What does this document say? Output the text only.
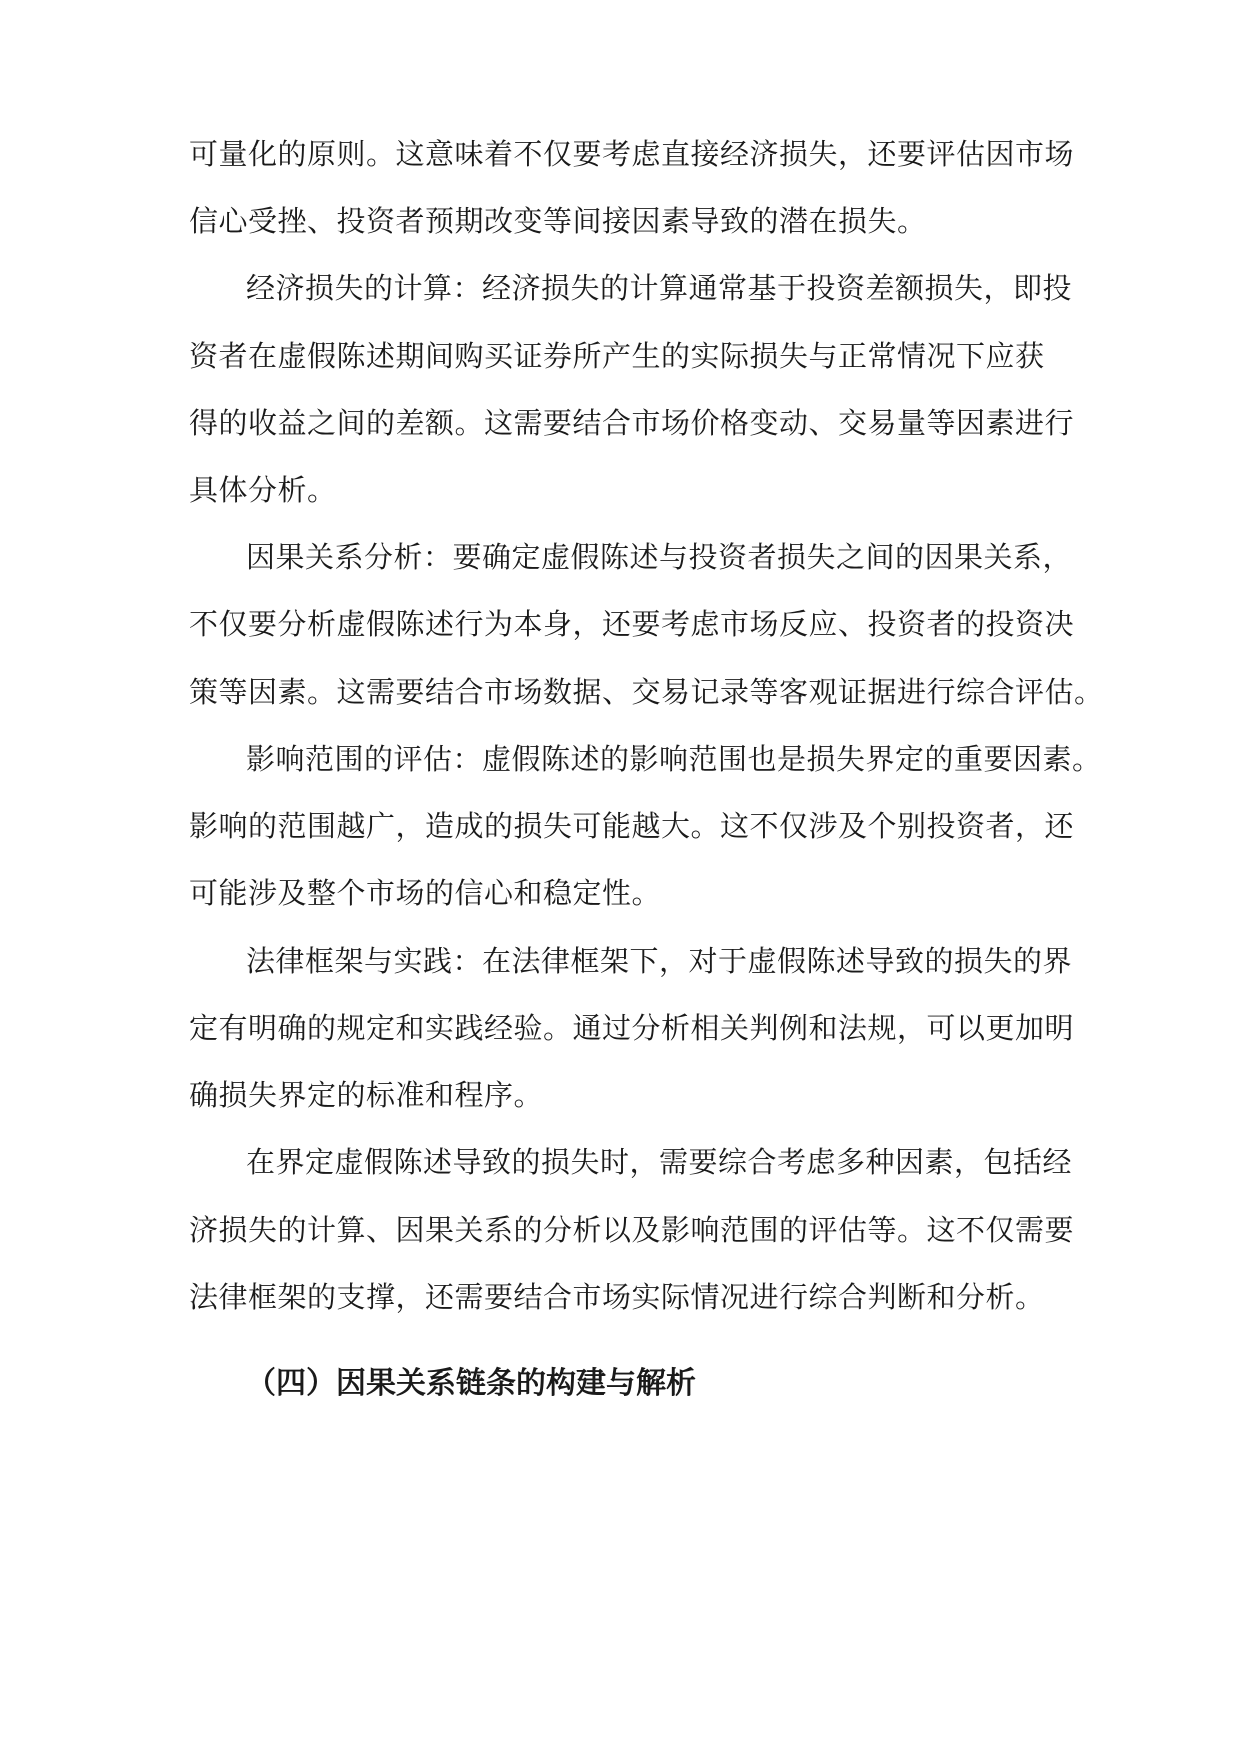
可量化的原则。这意味着不仅要考虑直接经济损失，还要评估因市场
信心受挫、投资者预期改变等间接因素导致的潜在损失。
经济损失的计算：经济损失的计算通常基于投资差额损失，即投
资者在虚假陈述期间购买证券所产生的实际损失与正常情况下应获
得的收益之间的差额。这需要结合市场价格变动、交易量等因素进行
具体分析。
因果关系分析：要确定虚假陈述与投资者损失之间的因果关系，
不仅要分析虚假陈述行为本身，还要考虑市场反应、投资者的投资决
策等因素。这需要结合市场数据、交易记录等客观证据进行综合评估。
影响范围的评估：虚假陈述的影响范围也是损失界定的重要因素。
影响的范围越广，造成的损失可能越大。这不仅涉及个别投资者，还
可能涉及整个市场的信心和稳定性。
法律框架与实践：在法律框架下，对于虚假陈述导致的损失的界
定有明确的规定和实践经验。通过分析相关判例和法规，可以更加明
确损失界定的标准和程序。
在界定虚假陈述导致的损失时，需要综合考虑多种因素，包括经
济损失的计算、因果关系的分析以及影响范围的评估等。这不仅需要
法律框架的支撑，还需要结合市场实际情况进行综合判断和分析。
（四）因果关系链条的构建与解析
